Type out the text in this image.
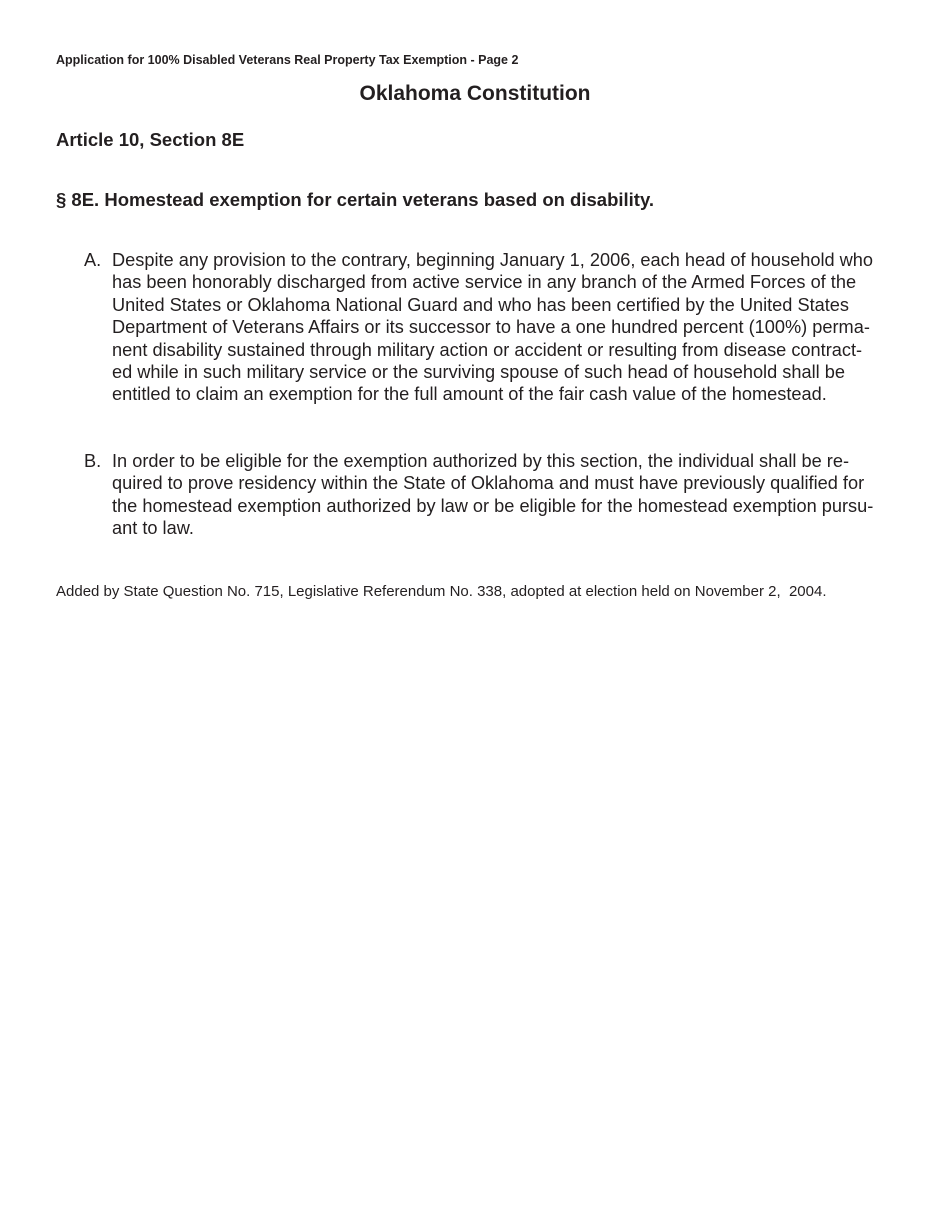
Application for 100% Disabled Veterans Real Property Tax Exemption - Page 2
Oklahoma Constitution
Article 10, Section 8E
§ 8E. Homestead exemption for certain veterans based on disability.
A. Despite any provision to the contrary, beginning January 1, 2006, each head of household who
has been honorably discharged from active service in any branch of the Armed Forces of the
United States or Oklahoma National Guard and who has been certified by the United States
Department of Veterans Affairs or its successor to have a one hundred percent (100%) perma-
nent disability sustained through military action or accident or resulting from disease contract-
ed while in such military service or the surviving spouse of such head of household shall be
entitled to claim an exemption for the full amount of the fair cash value of the homestead.
B. In order to be eligible for the exemption authorized by this section, the individual shall be re-
quired to prove residency within the State of Oklahoma and must have previously qualified for
the homestead exemption authorized by law or be eligible for the homestead exemption pursu-
ant to law.
Added by State Question No. 715, Legislative Referendum No. 338, adopted at election held on November 2,  2004.
